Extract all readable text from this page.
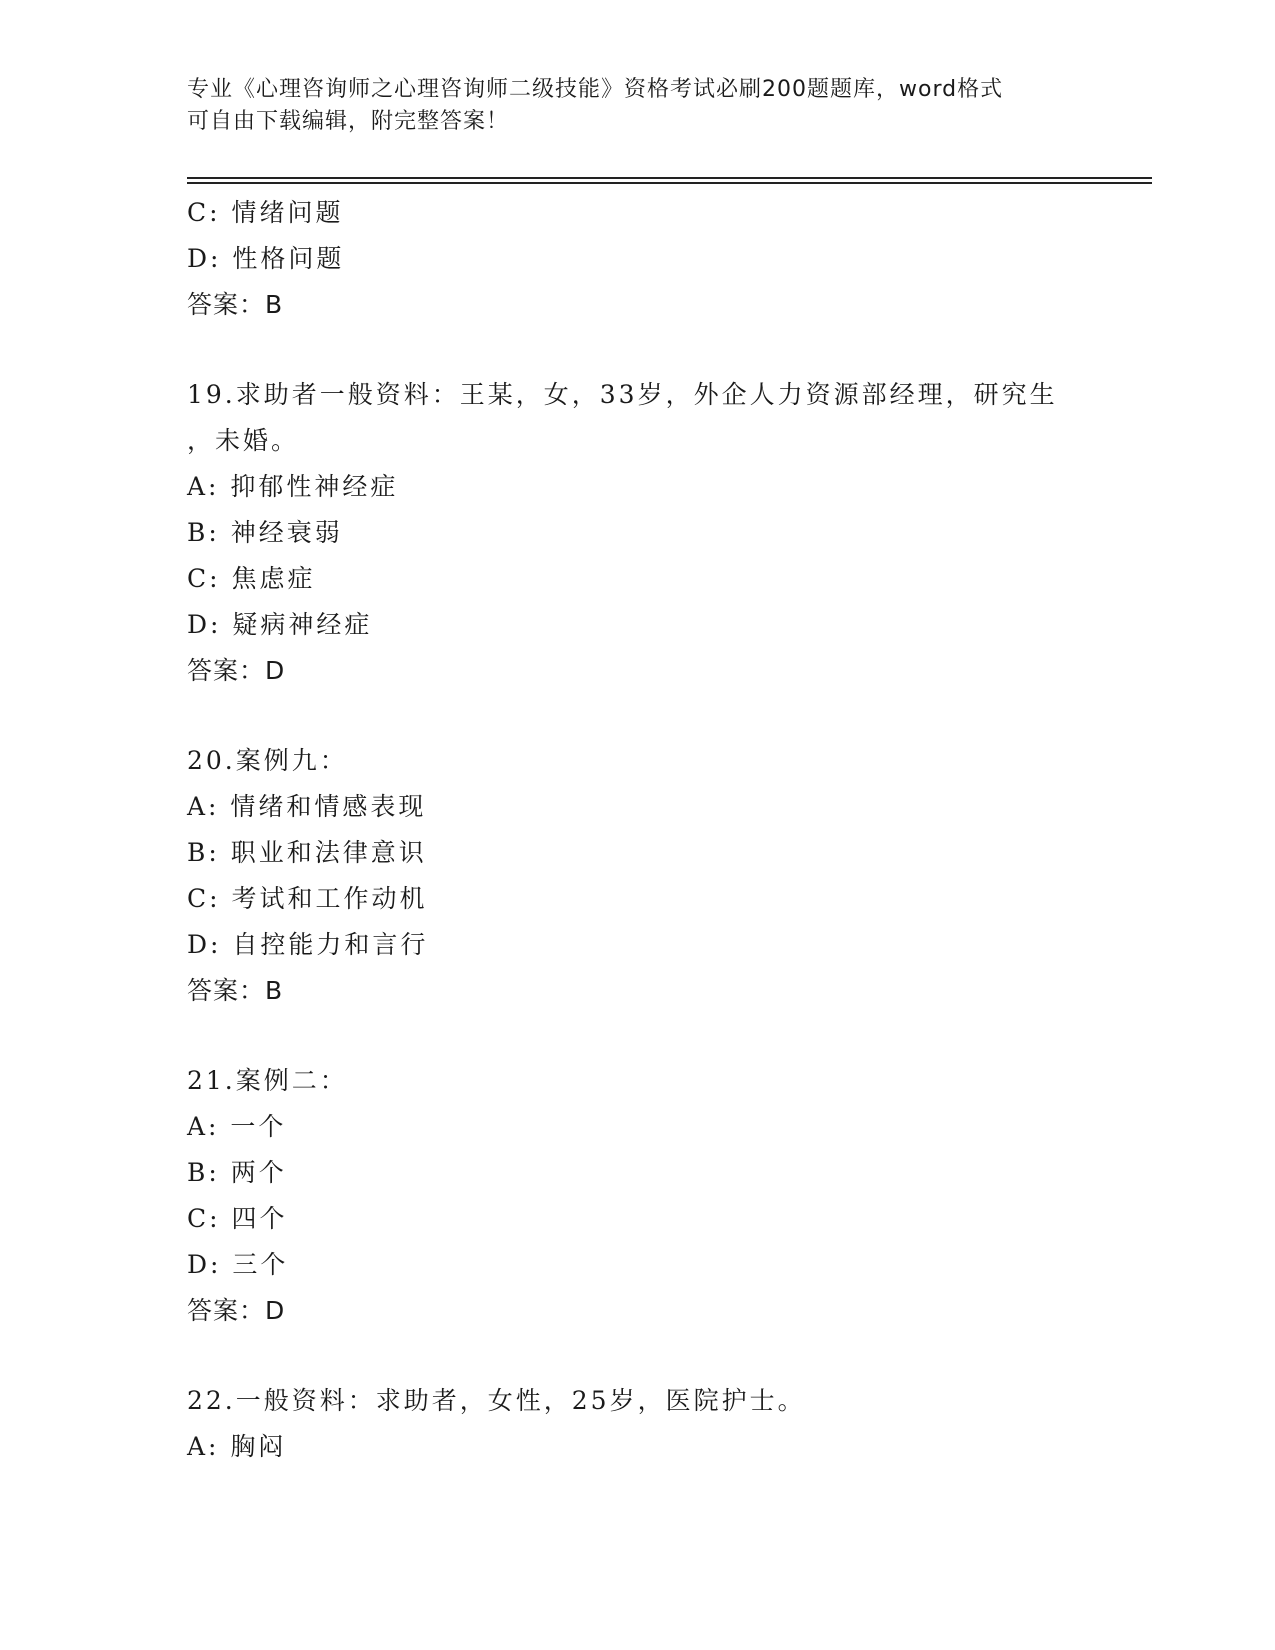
专业《心理咨询师之心理咨询师二级技能》资格考试必刷200题题库，word格式
可自由下载编辑，附完整答案！
C: 情绪问题
D: 性格问题
答案：B
19.求助者一般资料：王某，女，33岁，外企人力资源部经理，研究生
，未婚。
A: 抑郁性神经症
B: 神经衰弱
C: 焦虑症
D: 疑病神经症
答案：D
20.案例九：
A: 情绪和情感表现
B: 职业和法律意识
C: 考试和工作动机
D: 自控能力和言行
答案：B
21.案例二：
A: 一个
B: 两个
C: 四个
D: 三个
答案：D
22.一般资料：求助者，女性，25岁，医院护士。
A: 胸闷
